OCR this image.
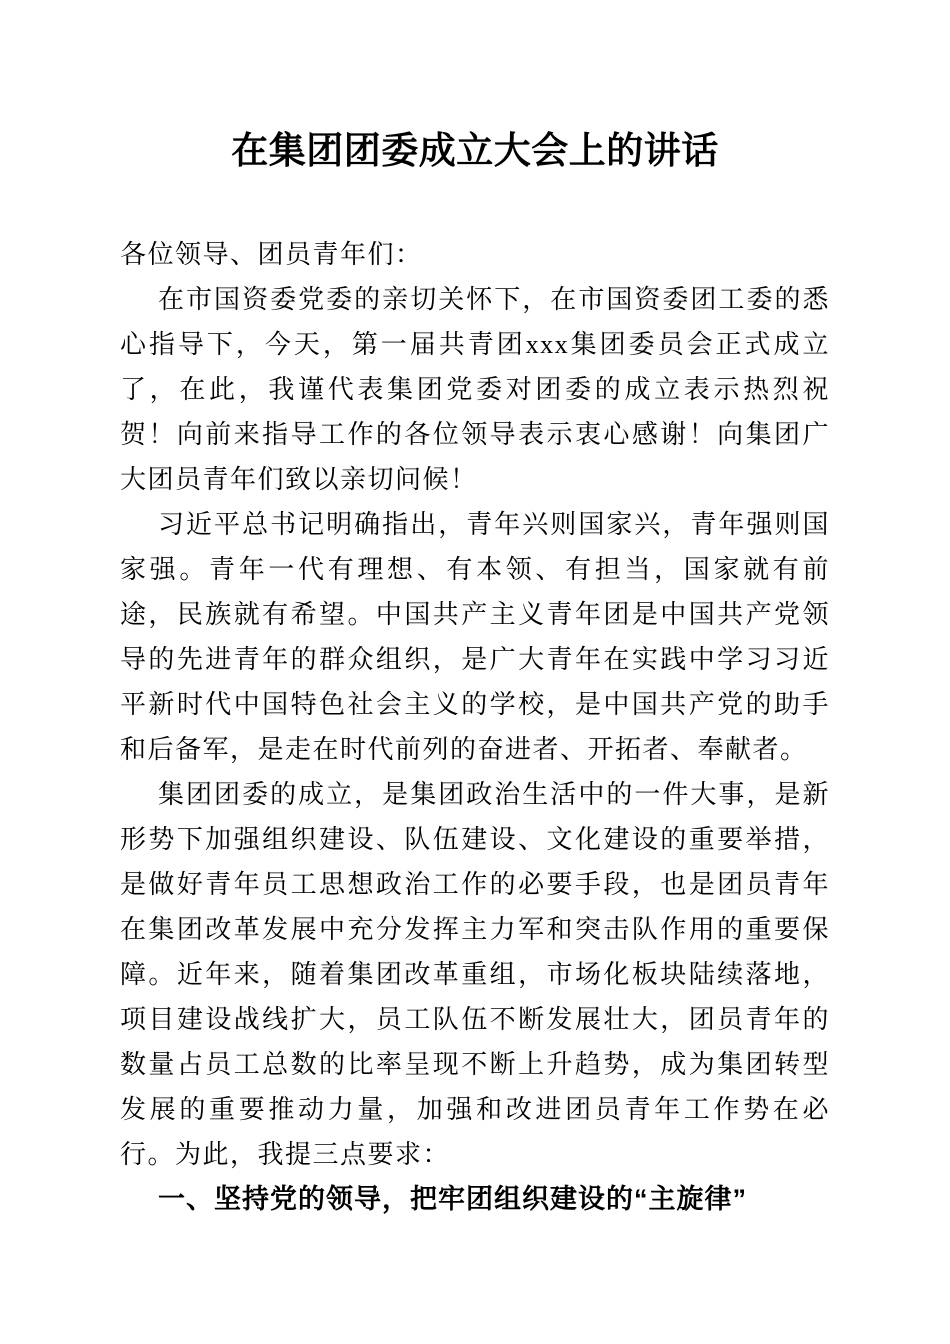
在集团团委成立大会上的讲话

各位领导、团员青年们：

在市国资委党委的亲切关怀下，在市国资委团工委的悉心指导下，今天，第一届共青团xxx集团委员会正式成立了，在此，我谨代表集团党委对团委的成立表示热烈祝贺！向前来指导工作的各位领导表示衷心感谢！向集团广大团员青年们致以亲切问候！

习近平总书记明确指出，青年兴则国家兴，青年强则国家强。青年一代有理想、有本领、有担当，国家就有前途，民族就有希望。中国共产主义青年团是中国共产党领导的先进青年的群众组织，是广大青年在实践中学习习近平新时代中国特色社会主义的学校，是中国共产党的助手和后备军，是走在时代前列的奋进者、开拓者、奉献者。

集团团委的成立，是集团政治生活中的一件大事，是新形势下加强组织建设、队伍建设、文化建设的重要举措，是做好青年员工思想政治工作的必要手段，也是团员青年在集团改革发展中充分发挥主力军和突击队作用的重要保障。近年来，随着集团改革重组，市场化板块陆续落地，项目建设战线扩大，员工队伍不断发展壮大，团员青年的数量占员工总数的比率呈现不断上升趋势，成为集团转型发展的重要推动力量，加强和改进团员青年工作势在必行。为此，我提三点要求：

一、坚持党的领导，把牢团组织建设的“主旋律”
